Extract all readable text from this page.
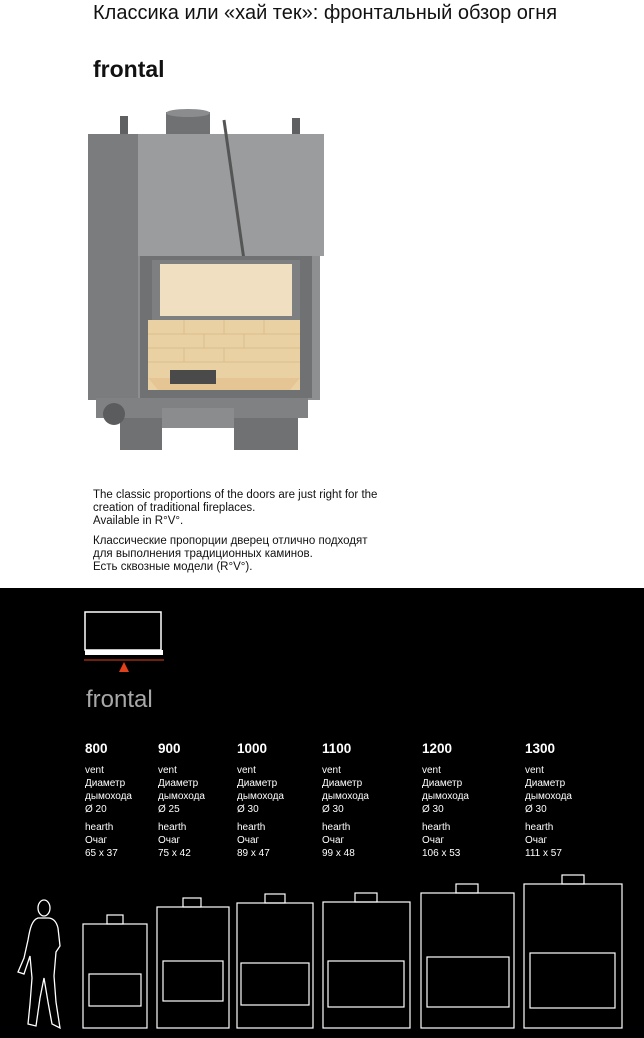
Классика или «хай тек»: фронтальный обзор огня
frontal

The classic proportions of the doors are just right for the

creation of traditional fireplaces.

Available in R°V°.

Классические пропорции дверец отлично подходят

для выполнения традиционных каминов.

Есть сквозные модели (R°V°).

frontal
800
vent
Диаметр
дымохода
Ø 20
hearth
Очаг
65 x 37
900
vent
Диаметр
дымохода
Ø 25
hearth
Очаг
75 x 42
1000
vent
Диаметр
дымохода
Ø 30
hearth
Очаг
89 x 47
1100
vent
Диаметр
дымохода
Ø 30
hearth
Очаг
99 x 48
1200
vent
Диаметр
дымохода
Ø 30
hearth
Очаг
106 x 53
1300
vent
Диаметр
дымохода
Ø 30
hearth
Очаг
111 x 57
